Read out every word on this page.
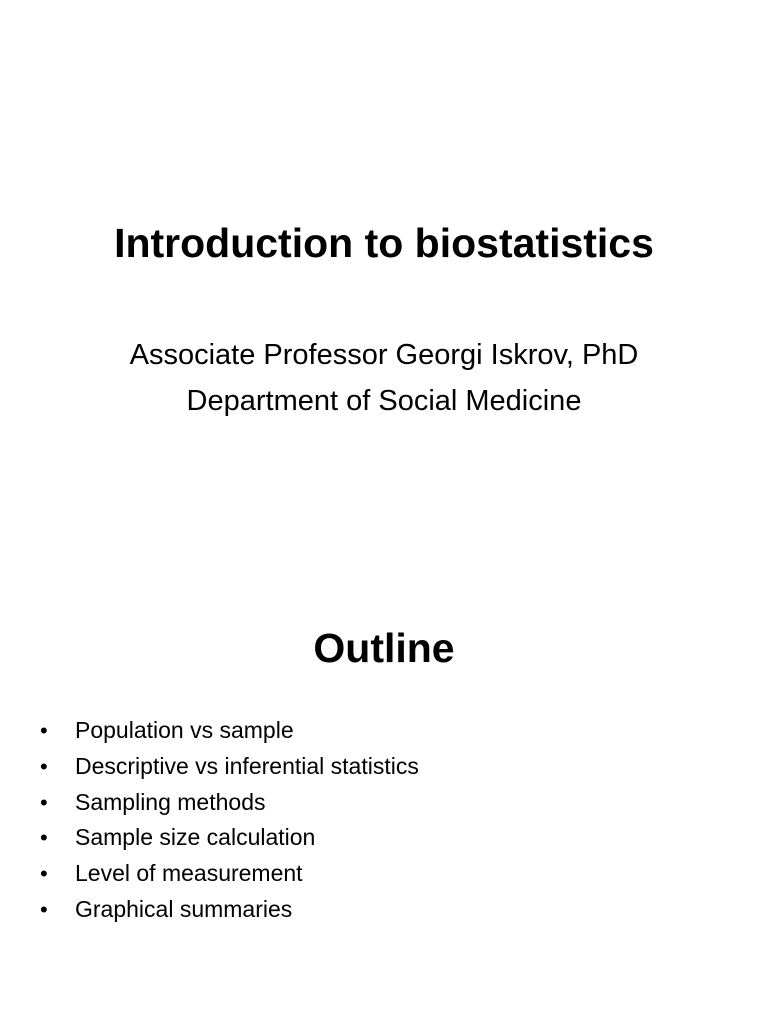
Introduction to biostatistics
Associate Professor Georgi Iskrov, PhD
Department of Social Medicine
Outline
• Population vs sample
• Descriptive vs inferential statistics
• Sampling methods
• Sample size calculation
• Level of measurement
• Graphical summaries
